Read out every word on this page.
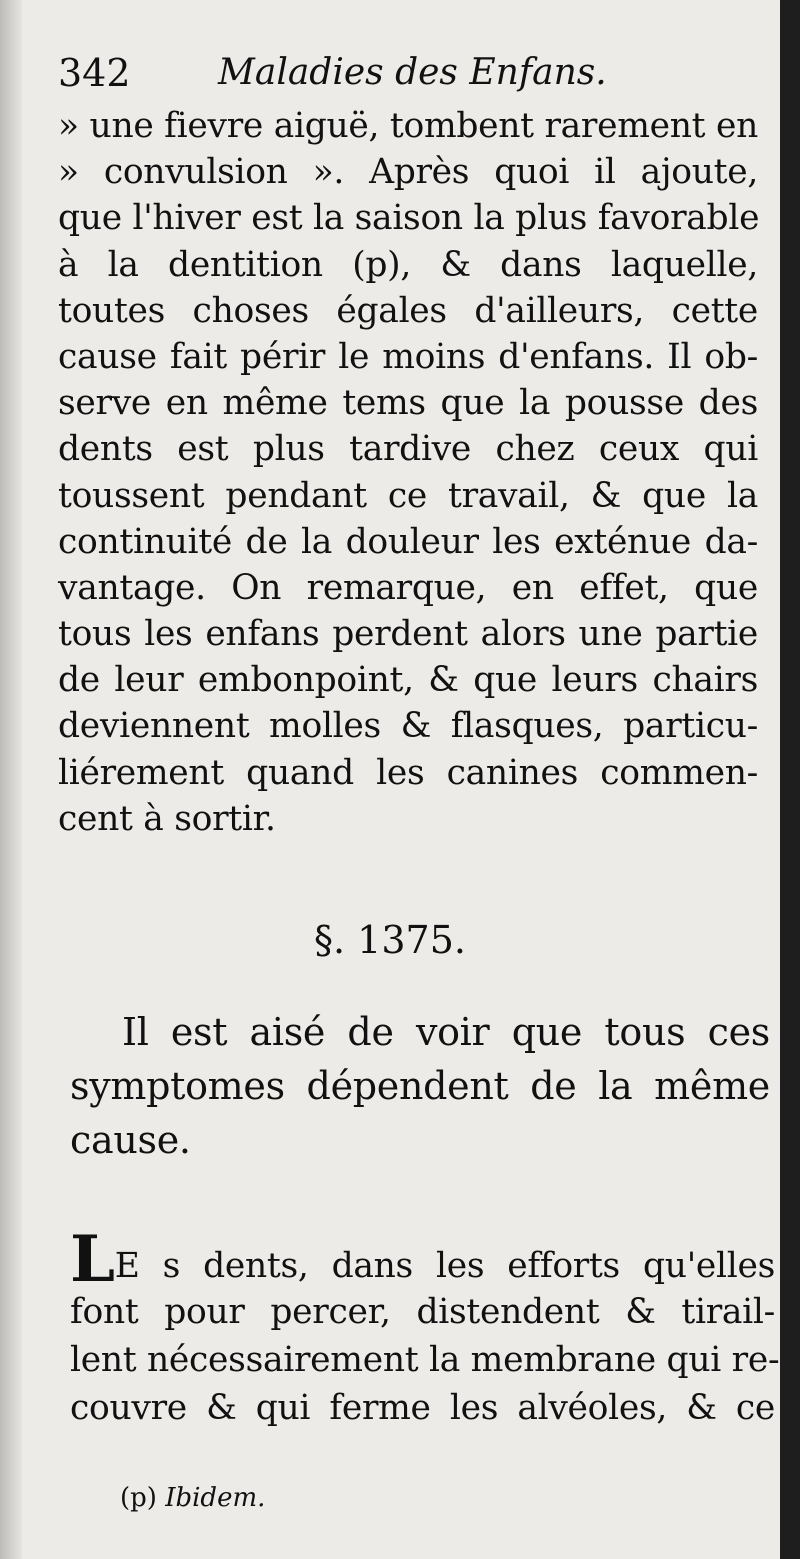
342 Maladies des Enfans.
» une fievre aiguë, tombent rarement en
» convulsion ». Après quoi il ajoute,
que l'hiver est la saison la plus favorable
à la dentition (p), & dans laquelle,
toutes choses égales d'ailleurs, cette
cause fait périr le moins d'enfans. Il ob-
serve en même tems que la pousse des
dents est plus tardive chez ceux qui
toussent pendant ce travail, & que la
continuité de la douleur les exténue da-
vantage. On remarque, en effet, que
tous les enfans perdent alors une partie
de leur embonpoint, & que leurs chairs
deviennent molles & flasques, particu-
liérement quand les canines commen-
cent à sortir.
§. 1375.
Il est aisé de voir que tous ces
symptomes dépendent de la même
cause.
LE s dents, dans les efforts qu'elles
font pour percer, distendent & tirail-
lent nécessairement la membrane qui re-
couvre & qui ferme les alvéoles, & ce
(p) Ibidem.
